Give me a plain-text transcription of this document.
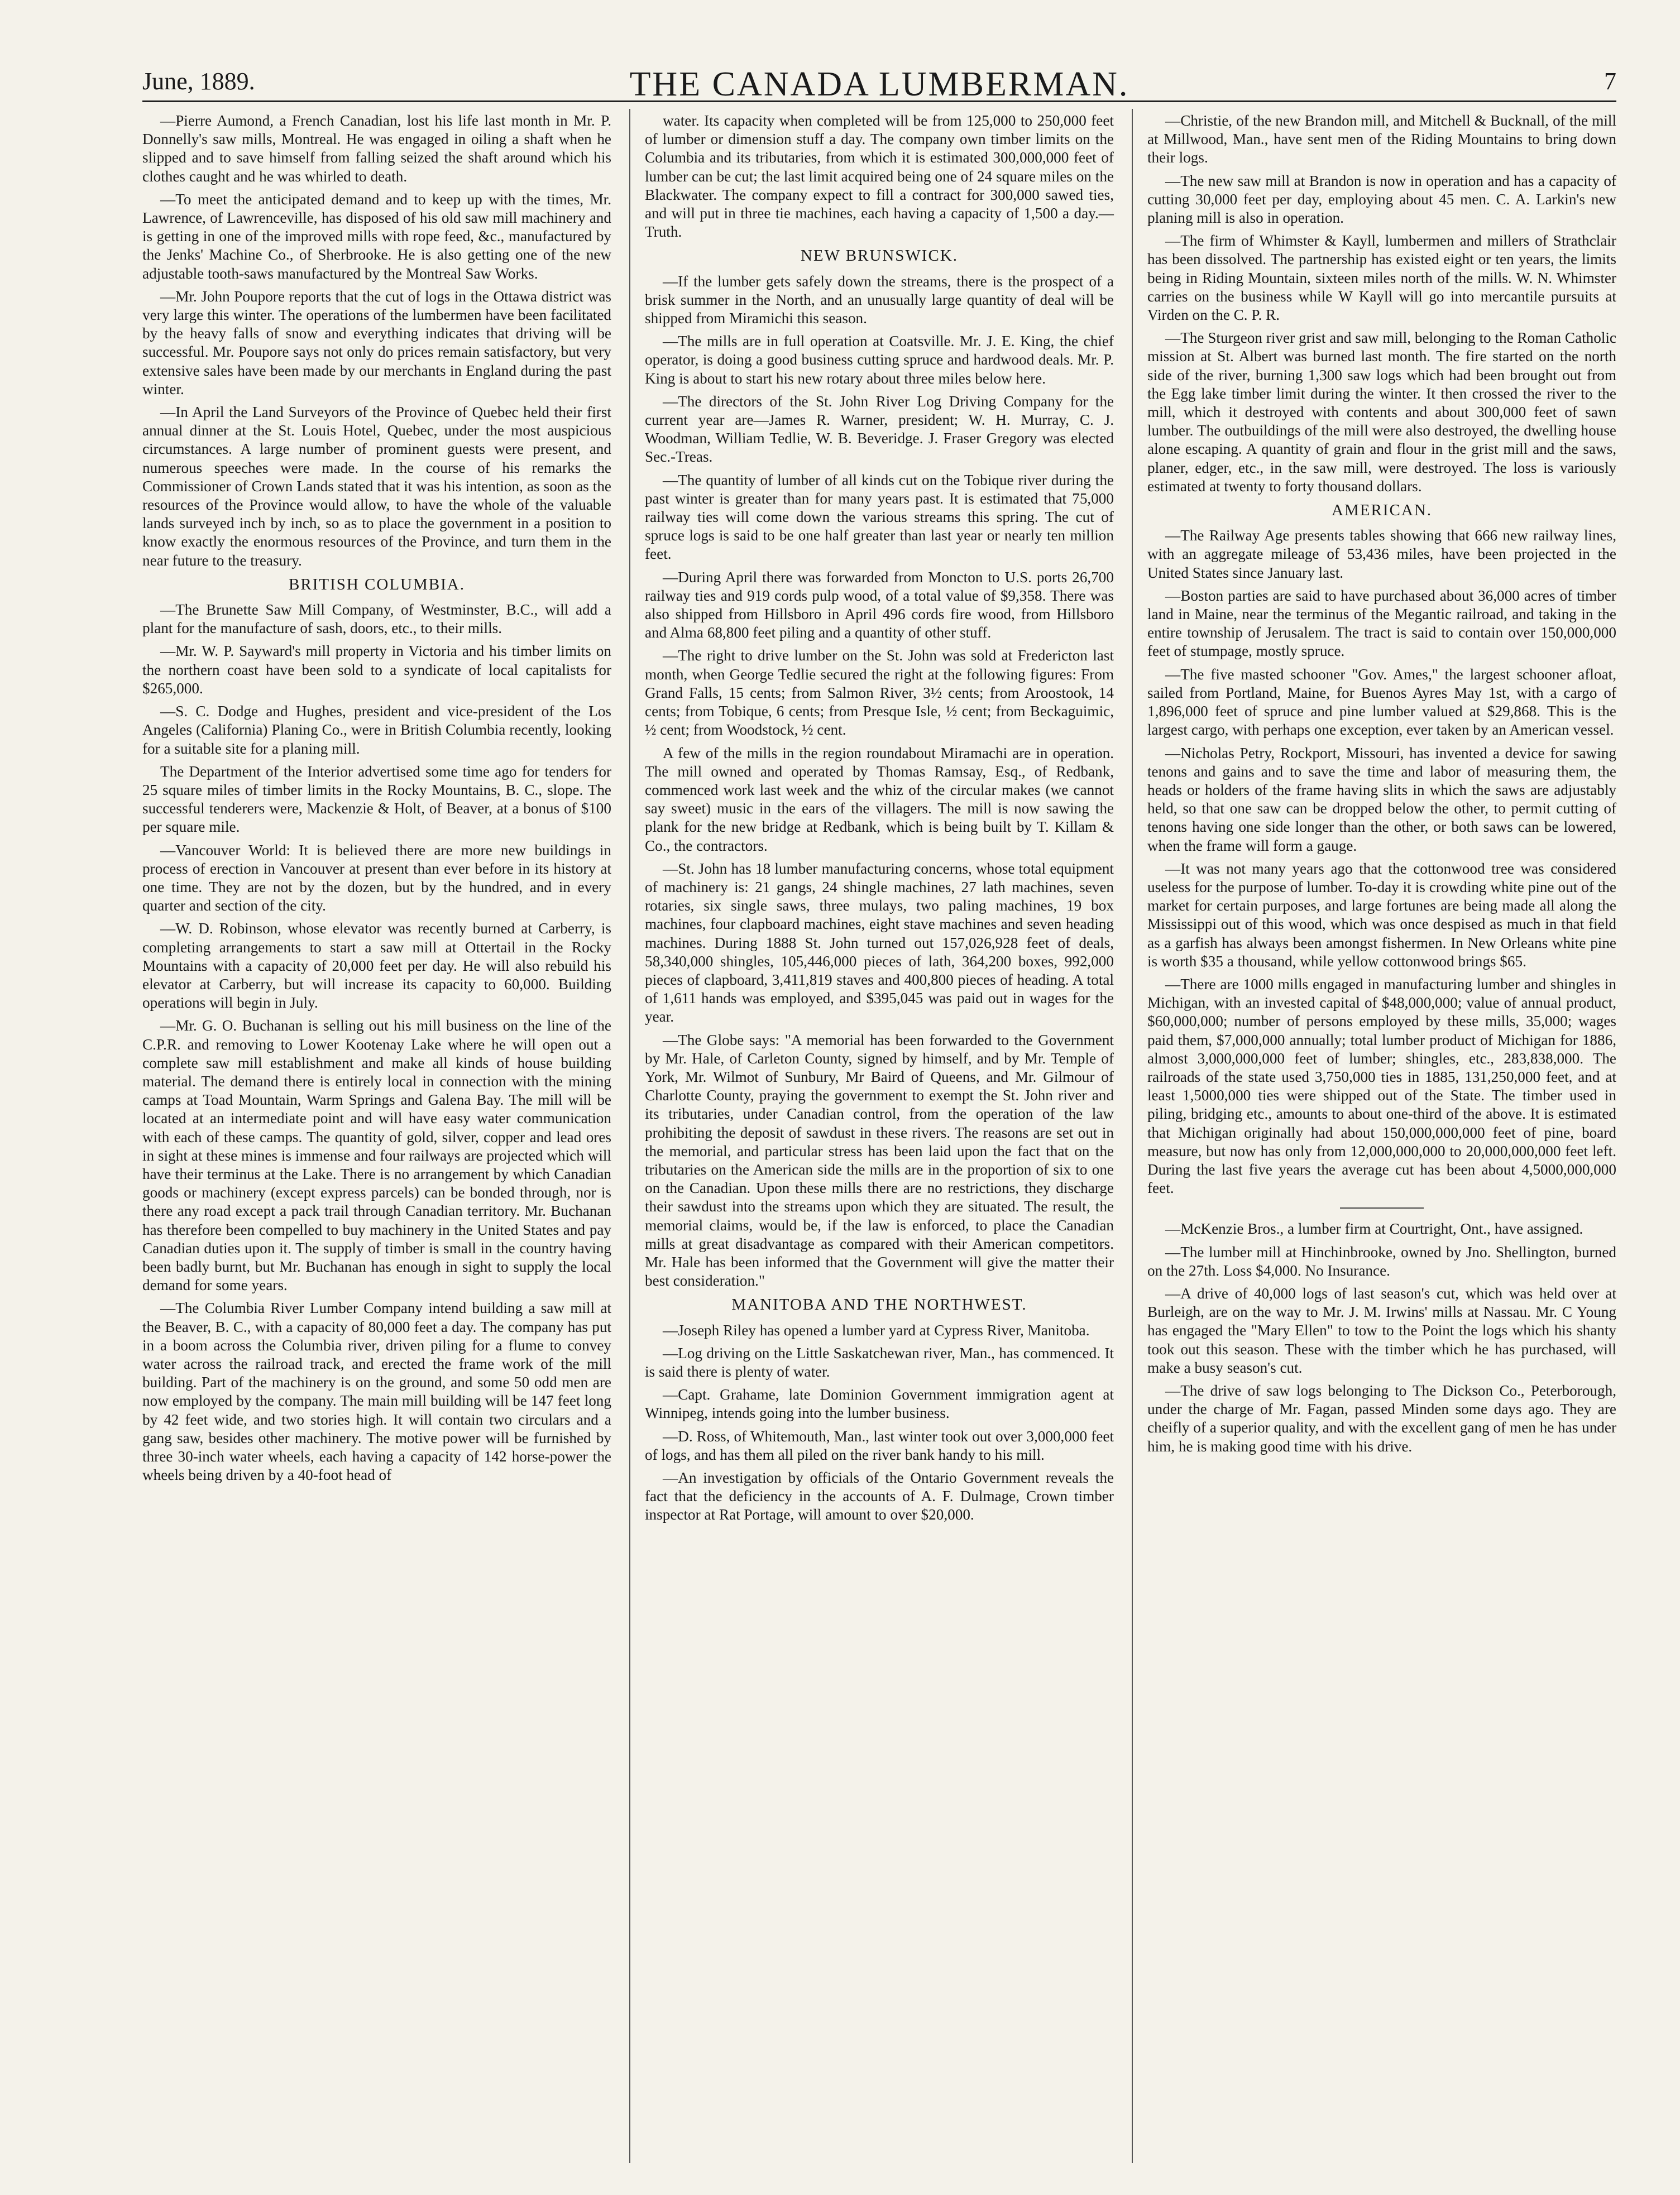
June, 1889.	THE CANADA LUMBERMAN.	7

—Pierre Aumond, a French Canadian, lost his life last month in Mr. P. Donnelly's saw mills, Montreal. He was engaged in oiling a shaft when he slipped and to save himself from falling seized the shaft around which his clothes caught and he was whirled to death.

—To meet the anticipated demand and to keep up with the times, Mr. Lawrence, of Lawrenceville, has disposed of his old saw mill machinery and is getting in one of the improved mills with rope feed, &c., manufactured by the Jenks' Machine Co., of Sherbrooke. He is also getting one of the new adjustable tooth-saws manufactured by the Montreal Saw Works.

—Mr. John Poupore reports that the cut of logs in the Ottawa district was very large this winter. The operations of the lumbermen have been facilitated by the heavy falls of snow and everything indicates that driving will be successful. Mr. Poupore says not only do prices remain satisfactory, but very extensive sales have been made by our merchants in England during the past winter.

—In April the Land Surveyors of the Province of Quebec held their first annual dinner at the St. Louis Hotel, Quebec, under the most auspicious circumstances. A large number of prominent guests were present, and numerous speeches were made. In the course of his remarks the Commissioner of Crown Lands stated that it was his intention, as soon as the resources of the Province would allow, to have the whole of the valuable lands surveyed inch by inch, so as to place the government in a position to know exactly the enormous resources of the Province, and turn them in the near future to the treasury.

BRITISH COLUMBIA.

—The Brunette Saw Mill Company, of Westminster, B.C., will add a plant for the manufacture of sash, doors, etc., to their mills.

—Mr. W. P. Sayward's mill property in Victoria and his timber limits on the northern coast have been sold to a syndicate of local capitalists for $265,000.

—S. C. Dodge and Hughes, president and vice-president of the Los Angeles (California) Planing Co., were in British Columbia recently, looking for a suitable site for a planing mill.

The Department of the Interior advertised some time ago for tenders for 25 square miles of timber limits in the Rocky Mountains, B. C., slope. The successful tenderers were, Mackenzie & Holt, of Beaver, at a bonus of $100 per square mile.

—Vancouver World: It is believed there are more new buildings in process of erection in Vancouver at present than ever before in its history at one time. They are not by the dozen, but by the hundred, and in every quarter and section of the city.

—W. D. Robinson, whose elevator was recently burned at Carberry, is completing arrangements to start a saw mill at Ottertail in the Rocky Mountains with a capacity of 20,000 feet per day. He will also rebuild his elevator at Carberry, but will increase its capacity to 60,000. Building operations will begin in July.

—Mr. G. O. Buchanan is selling out his mill business on the line of the C.P.R. and removing to Lower Kootenay Lake where he will open out a complete saw mill establishment and make all kinds of house building material. The demand there is entirely local in connection with the mining camps at Toad Mountain, Warm Springs and Galena Bay. The mill will be located at an intermediate point and will have easy water communication with each of these camps. The quantity of gold, silver, copper and lead ores in sight at these mines is immense and four railways are projected which will have their terminus at the Lake. There is no arrangement by which Canadian goods or machinery (except express parcels) can be bonded through, nor is there any road except a pack trail through Canadian territory. Mr. Buchanan has therefore been compelled to buy machinery in the United States and pay Canadian duties upon it. The supply of timber is small in the country having been badly burnt, but Mr. Buchanan has enough in sight to supply the local demand for some years.

—The Columbia River Lumber Company intend building a saw mill at the Beaver, B. C., with a capacity of 80,000 feet a day. The company has put in a boom across the Columbia river, driven piling for a flume to convey water across the railroad track, and erected the frame work of the mill building. Part of the machinery is on the ground, and some 50 odd men are now employed by the company. The main mill building will be 147 feet long by 42 feet wide, and two stories high. It will contain two circulars and a gang saw, besides other machinery. The motive power will be furnished by three 30-inch water wheels, each having a capacity of 142 horse-power the wheels being driven by a 40-foot head of

water. Its capacity when completed will be from 125,000 to 250,000 feet of lumber or dimension stuff a day. The company own timber limits on the Columbia and its tributaries, from which it is estimated 300,000,000 feet of lumber can be cut; the last limit acquired being one of 24 square miles on the Blackwater. The company expect to fill a contract for 300,000 sawed ties, and will put in three tie machines, each having a capacity of 1,500 a day.—Truth.

NEW BRUNSWICK.

—If the lumber gets safely down the streams, there is the prospect of a brisk summer in the North, and an unusually large quantity of deal will be shipped from Miramichi this season.

—The mills are in full operation at Coatsville. Mr. J. E. King, the chief operator, is doing a good business cutting spruce and hardwood deals. Mr. P. King is about to start his new rotary about three miles below here.

—The directors of the St. John River Log Driving Company for the current year are—James R. Warner, president; W. H. Murray, C. J. Woodman, William Tedlie, W. B. Beveridge. J. Fraser Gregory was elected Sec.-Treas.

—The quantity of lumber of all kinds cut on the Tobique river during the past winter is greater than for many years past. It is estimated that 75,000 railway ties will come down the various streams this spring. The cut of spruce logs is said to be one half greater than last year or nearly ten million feet.

—During April there was forwarded from Moncton to U.S. ports 26,700 railway ties and 919 cords pulp wood, of a total value of $9,358. There was also shipped from Hillsboro in April 496 cords fire wood, from Hillsboro and Alma 68,800 feet piling and a quantity of other stuff.

—The right to drive lumber on the St. John was sold at Fredericton last month, when George Tedlie secured the right at the following figures: From Grand Falls, 15 cents; from Salmon River, 3½ cents; from Aroostook, 14 cents; from Tobique, 6 cents; from Presque Isle, ½ cent; from Beckaguimic, ½ cent; from Woodstock, ½ cent.

A few of the mills in the region roundabout Miramachi are in operation. The mill owned and operated by Thomas Ramsay, Esq., of Redbank, commenced work last week and the whiz of the circular makes (we cannot say sweet) music in the ears of the villagers. The mill is now sawing the plank for the new bridge at Redbank, which is being built by T. Killam & Co., the contractors.

—St. John has 18 lumber manufacturing concerns, whose total equipment of machinery is: 21 gangs, 24 shingle machines, 27 lath machines, seven rotaries, six single saws, three mulays, two paling machines, 19 box machines, four clapboard machines, eight stave machines and seven heading machines. During 1888 St. John turned out 157,026,928 feet of deals, 58,340,000 shingles, 105,446,000 pieces of lath, 364,200 boxes, 992,000 pieces of clapboard, 3,411,819 staves and 400,800 pieces of heading. A total of 1,611 hands was employed, and $395,045 was paid out in wages for the year.

—The Globe says: "A memorial has been forwarded to the Government by Mr. Hale, of Carleton County, signed by himself, and by Mr. Temple of York, Mr. Wilmot of Sunbury, Mr Baird of Queens, and Mr. Gilmour of Charlotte County, praying the government to exempt the St. John river and its tributaries, under Canadian control, from the operation of the law prohibiting the deposit of sawdust in these rivers. The reasons are set out in the memorial, and particular stress has been laid upon the fact that on the tributaries on the American side the mills are in the proportion of six to one on the Canadian. Upon these mills there are no restrictions, they discharge their sawdust into the streams upon which they are situated. The result, the memorial claims, would be, if the law is enforced, to place the Canadian mills at great disadvantage as compared with their American competitors. Mr. Hale has been informed that the Government will give the matter their best consideration."

MANITOBA AND THE NORTHWEST.

—Joseph Riley has opened a lumber yard at Cypress River, Manitoba.

—Log driving on the Little Saskatchewan river, Man., has commenced. It is said there is plenty of water.

—Capt. Grahame, late Dominion Government immigration agent at Winnipeg, intends going into the lumber business.

—D. Ross, of Whitemouth, Man., last winter took out over 3,000,000 feet of logs, and has them all piled on the river bank handy to his mill.

—An investigation by officials of the Ontario Government reveals the fact that the deficiency in the accounts of A. F. Dulmage, Crown timber inspector at Rat Portage, will amount to over $20,000.

—Christie, of the new Brandon mill, and Mitchell & Bucknall, of the mill at Millwood, Man., have sent men of the Riding Mountains to bring down their logs.

—The new saw mill at Brandon is now in operation and has a capacity of cutting 30,000 feet per day, employing about 45 men. C. A. Larkin's new planing mill is also in operation.

—The firm of Whimster & Kayll, lumbermen and millers of Strathclair has been dissolved. The partnership has existed eight or ten years, the limits being in Riding Mountain, sixteen miles north of the mills. W. N. Whimster carries on the business while W Kayll will go into mercantile pursuits at Virden on the C. P. R.

—The Sturgeon river grist and saw mill, belonging to the Roman Catholic mission at St. Albert was burned last month. The fire started on the north side of the river, burning 1,300 saw logs which had been brought out from the Egg lake timber limit during the winter. It then crossed the river to the mill, which it destroyed with contents and about 300,000 feet of sawn lumber. The outbuildings of the mill were also destroyed, the dwelling house alone escaping. A quantity of grain and flour in the grist mill and the saws, planer, edger, etc., in the saw mill, were destroyed. The loss is variously estimated at twenty to forty thousand dollars.

AMERICAN.

—The Railway Age presents tables showing that 666 new railway lines, with an aggregate mileage of 53,436 miles, have been projected in the United States since January last.

—Boston parties are said to have purchased about 36,000 acres of timber land in Maine, near the terminus of the Megantic railroad, and taking in the entire township of Jerusalem. The tract is said to contain over 150,000,000 feet of stumpage, mostly spruce.

—The five masted schooner "Gov. Ames," the largest schooner afloat, sailed from Portland, Maine, for Buenos Ayres May 1st, with a cargo of 1,896,000 feet of spruce and pine lumber valued at $29,868. This is the largest cargo, with perhaps one exception, ever taken by an American vessel.

—Nicholas Petry, Rockport, Missouri, has invented a device for sawing tenons and gains and to save the time and labor of measuring them, the heads or holders of the frame having slits in which the saws are adjustably held, so that one saw can be dropped below the other, to permit cutting of tenons having one side longer than the other, or both saws can be lowered, when the frame will form a gauge.

—It was not many years ago that the cottonwood tree was considered useless for the purpose of lumber. To-day it is crowding white pine out of the market for certain purposes, and large fortunes are being made all along the Mississippi out of this wood, which was once despised as much in that field as a garfish has always been amongst fishermen. In New Orleans white pine is worth $35 a thousand, while yellow cottonwood brings $65.

—There are 1000 mills engaged in manufacturing lumber and shingles in Michigan, with an invested capital of $48,000,000; value of annual product, $60,000,000; number of persons employed by these mills, 35,000; wages paid them, $7,000,000 annually; total lumber product of Michigan for 1886, almost 3,000,000,000 feet of lumber; shingles, etc., 283,838,000. The railroads of the state used 3,750,000 ties in 1885, 131,250,000 feet, and at least 1,5000,000 ties were shipped out of the State. The timber used in piling, bridging etc., amounts to about one-third of the above. It is estimated that Michigan originally had about 150,000,000,000 feet of pine, board measure, but now has only from 12,000,000,000 to 20,000,000,000 feet left. During the last five years the average cut has been about 4,5000,000,000 feet.

—McKenzie Bros., a lumber firm at Courtright, Ont., have assigned.

—The lumber mill at Hinchinbrooke, owned by Jno. Shellington, burned on the 27th. Loss $4,000. No Insurance.

—A drive of 40,000 logs of last season's cut, which was held over at Burleigh, are on the way to Mr. J. M. Irwins' mills at Nassau. Mr. C Young has engaged the "Mary Ellen" to tow to the Point the logs which his shanty took out this season. These with the timber which he has purchased, will make a busy season's cut.

—The drive of saw logs belonging to The Dickson Co., Peterborough, under the charge of Mr. Fagan, passed Minden some days ago. They are cheifly of a superior quality, and with the excellent gang of men he has under him, he is making good time with his drive.
